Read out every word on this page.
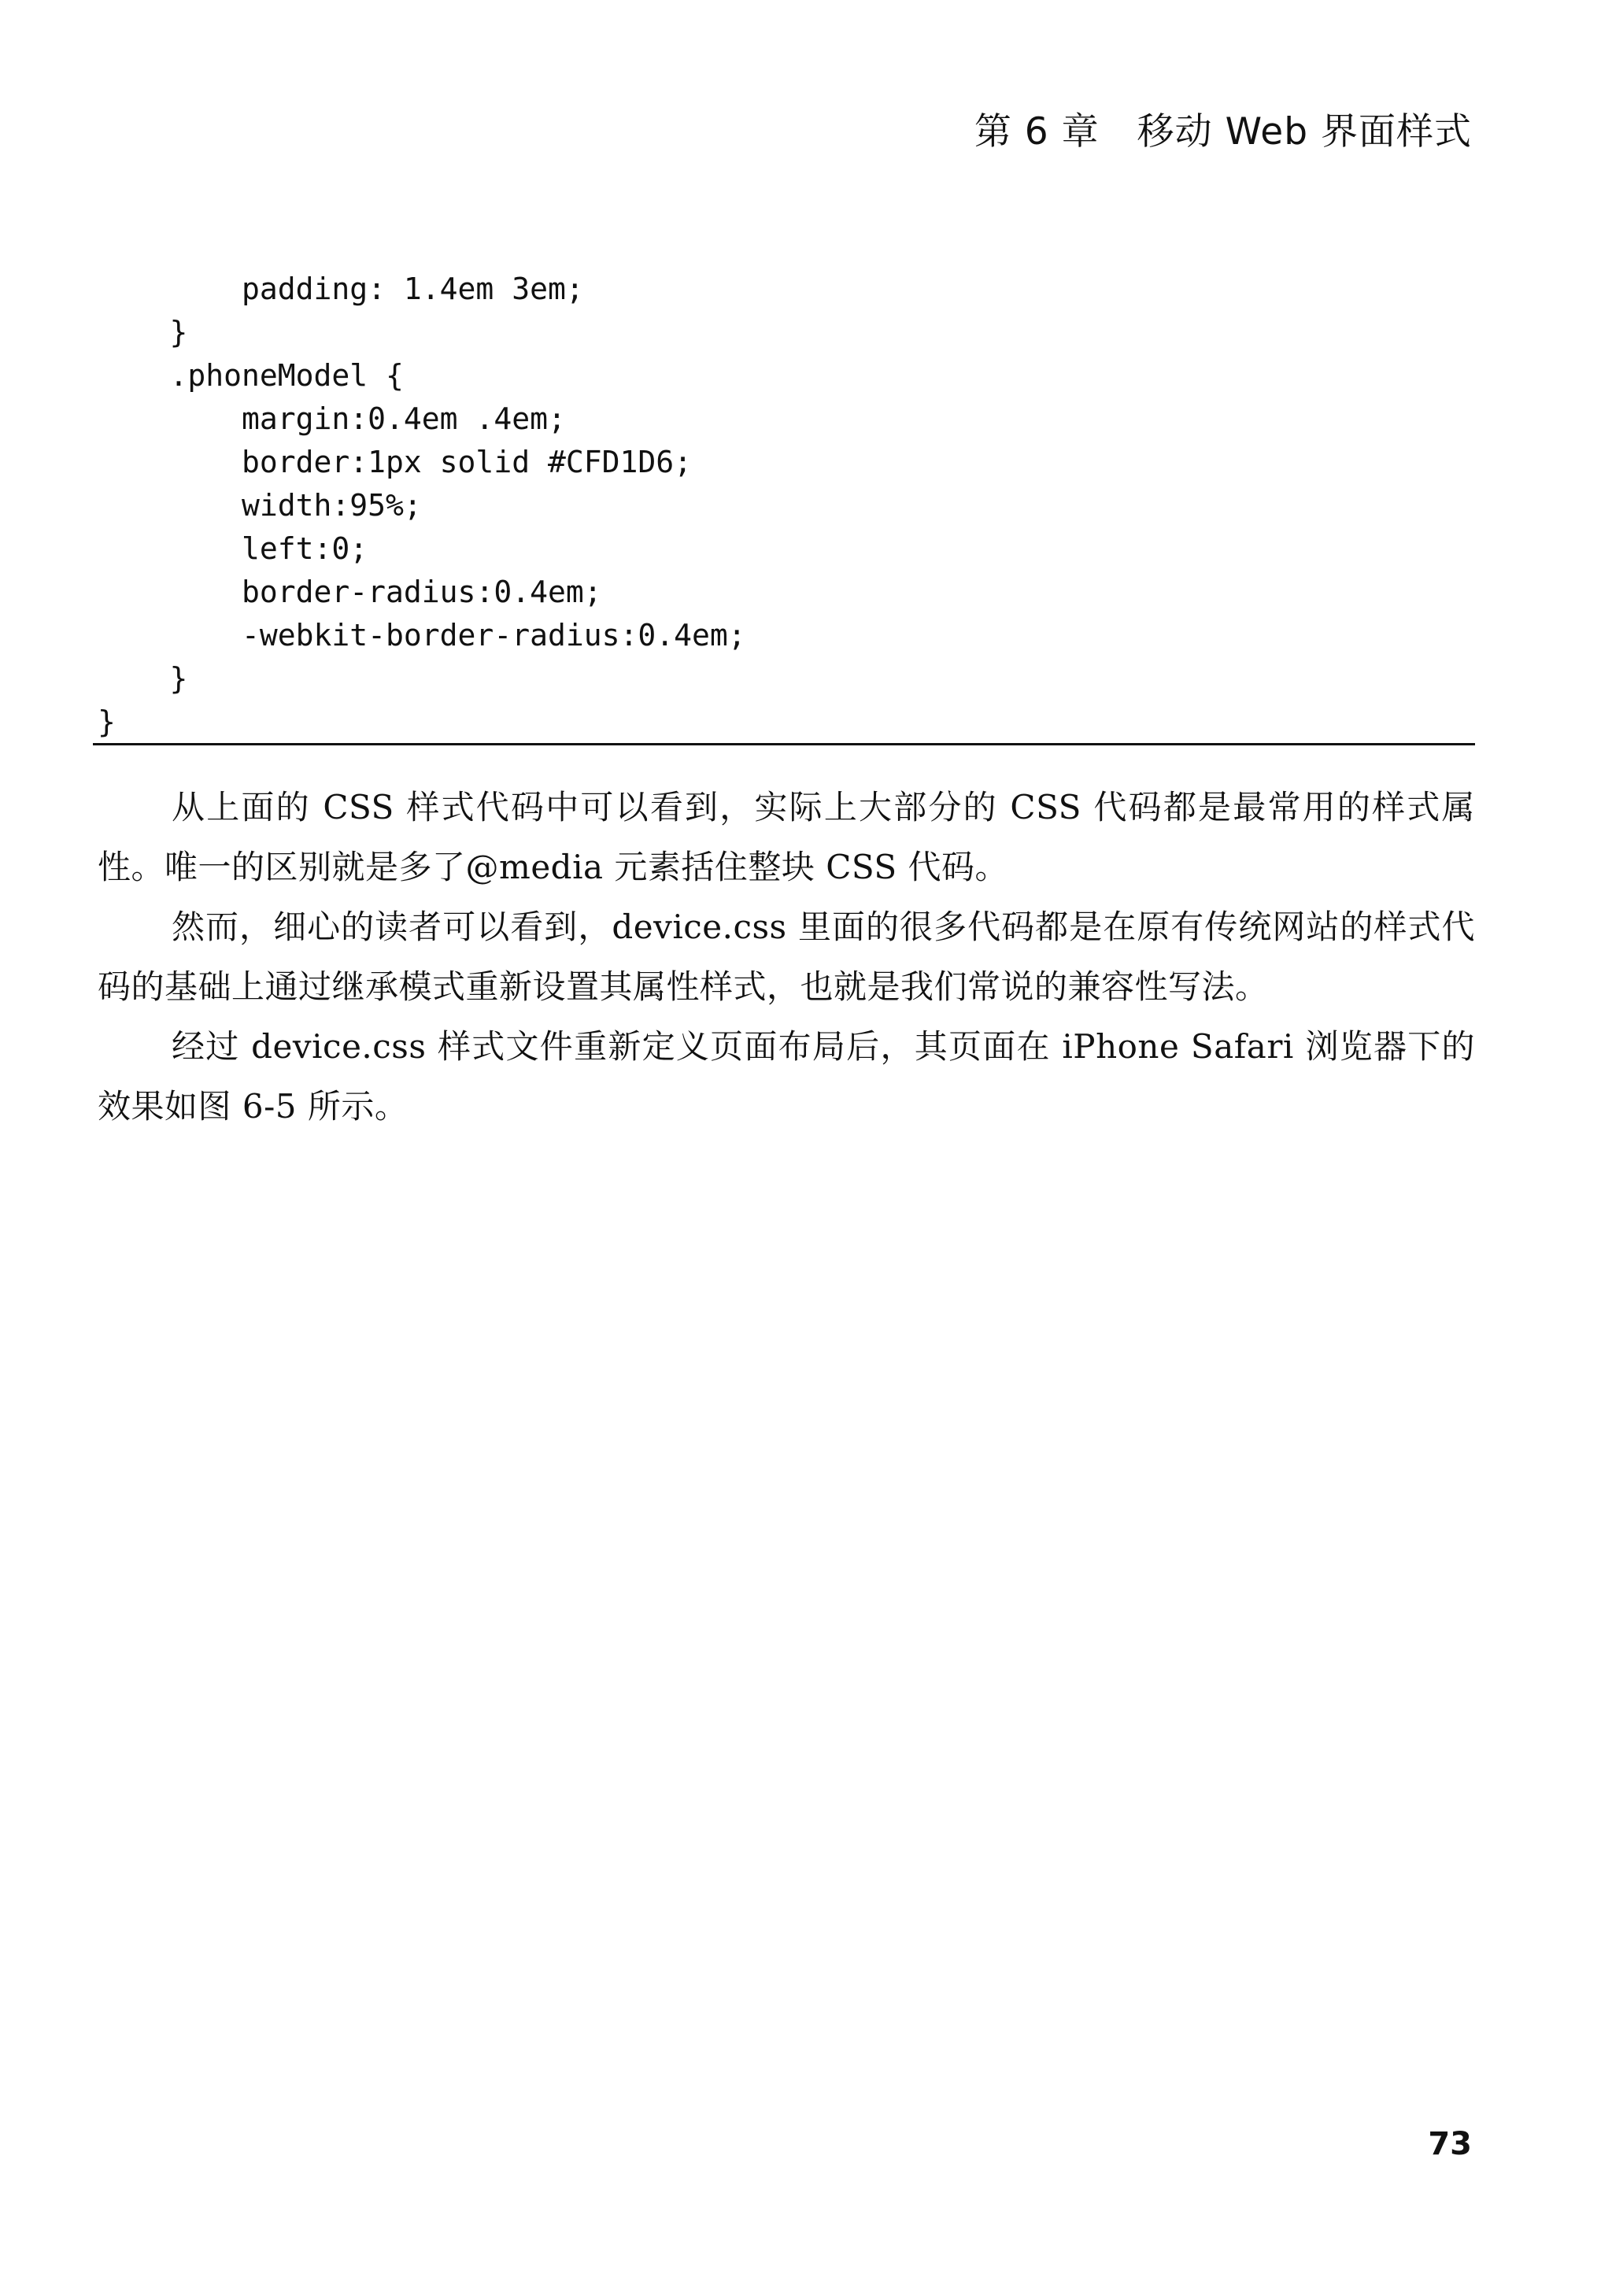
第 6 章　移动 Web 界面样式
padding: 1.4em 3em;
}
.phoneModel {
margin:0.4em .4em;
border:1px solid #CFD1D6;
width:95%;
left:0;
border-radius:0.4em;
-webkit-border-radius:0.4em;
}
}

从上面的 CSS 样式代码中可以看到，实际上大部分的 CSS 代码都是最常用的样式属性。唯一的区别就是多了@media 元素括住整块 CSS 代码。

然而，细心的读者可以看到，device.css 里面的很多代码都是在原有传统网站的样式代码的基础上通过继承模式重新设置其属性样式，也就是我们常说的兼容性写法。

经过 device.css 样式文件重新定义页面布局后，其页面在 iPhone Safari 浏览器下的效果如图 6-5 所示。

73
